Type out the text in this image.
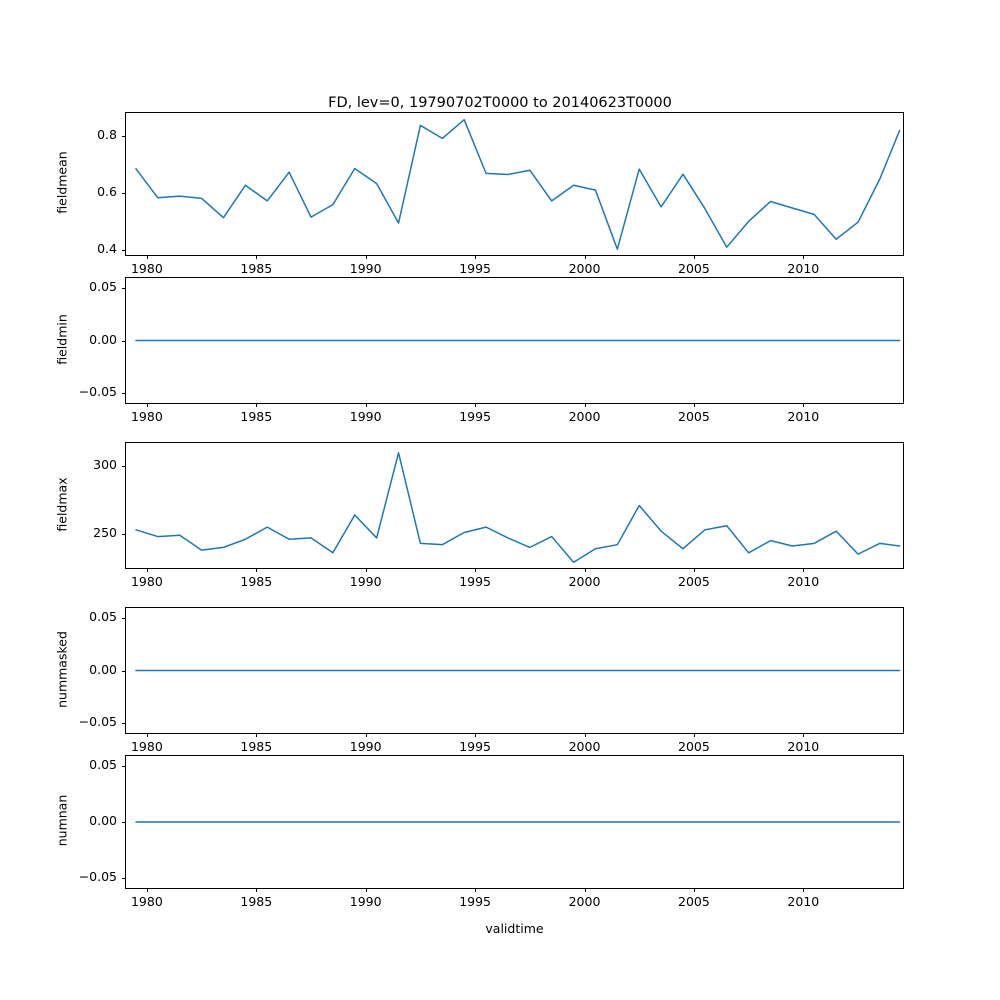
FD, lev=0, 19790702T0000 to 20140623T0000
1980	1985	1990	1995	2000	2005	2010
0.4
0.6
0.8
fieldmean
1980	1985	1990	1995	2000	2005	2010
−0.05
0.00
0.05
fieldmin
1980	1985	1990	1995	2000	2005	2010
250
300
fieldmax
1980	1985	1990	1995	2000	2005	2010
−0.05
0.00
0.05
nummasked
1980	1985	1990	1995	2000	2005	2010
−0.05
0.00
0.05
numnan
validtime
